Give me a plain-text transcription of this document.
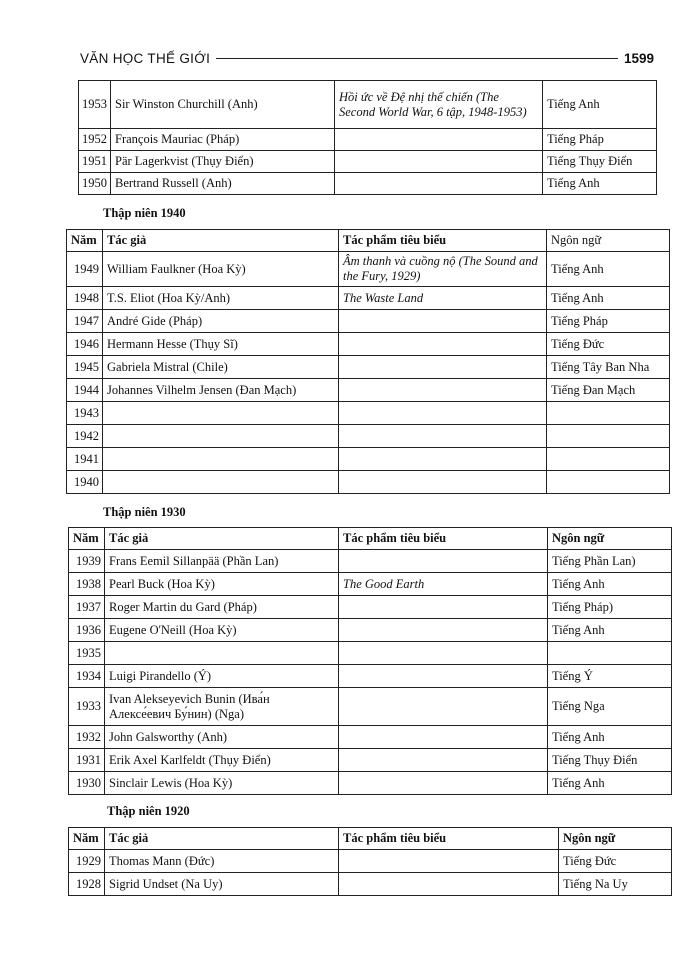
VĂN HỌC THẾ GIỚI	1599
1953	Sir Winston Churchill (Anh)	Hồi ức về Đệ nhị thế chiến (The Second World War, 6 tập, 1948-1953)	Tiếng Anh
1952	François Mauriac (Pháp)		Tiếng Pháp
1951	Pär Lagerkvist (Thụy Điển)		Tiếng Thụy Điển
1950	Bertrand Russell (Anh)		Tiếng Anh
Thập niên 1940
Năm	Tác giả	Tác phẩm tiêu biểu	Ngôn ngữ
1949	William Faulkner (Hoa Kỳ)	Âm thanh và cuồng nộ (The Sound and the Fury, 1929)	Tiếng Anh
1948	T.S. Eliot (Hoa Kỳ/Anh)	The Waste Land	Tiếng Anh
1947	André Gide (Pháp)		Tiếng Pháp
1946	Hermann Hesse (Thụy Sĩ)		Tiếng Đức
1945	Gabriela Mistral (Chile)		Tiếng Tây Ban Nha
1944	Johannes Vilhelm Jensen (Đan Mạch)		Tiếng Đan Mạch
1943			
1942			
1941			
1940			
Thập niên 1930
Năm	Tác giả	Tác phẩm tiêu biểu	Ngôn ngữ
1939	Frans Eemil Sillanpää (Phần Lan)		Tiếng Phần Lan)
1938	Pearl Buck (Hoa Kỳ)	The Good Earth	Tiếng Anh
1937	Roger Martin du Gard (Pháp)		Tiếng Pháp)
1936	Eugene O'Neill (Hoa Kỳ)		Tiếng Anh
1935			
1934	Luigi Pirandello (Ý)		Tiếng Ý
1933	Ivan Alekseyevich Bunin (Ива́н Алексе́евич Бу́нин) (Nga)		Tiếng Nga
1932	John Galsworthy (Anh)		Tiếng Anh
1931	Erik Axel Karlfeldt (Thụy Điển)		Tiếng Thụy Điển
1930	Sinclair Lewis (Hoa Kỳ)		Tiếng Anh
Thập niên 1920
Năm	Tác giả	Tác phẩm tiêu biểu	Ngôn ngữ
1929	Thomas Mann (Đức)		Tiếng Đức
1928	Sigrid Undset (Na Uy)		Tiếng Na Uy
